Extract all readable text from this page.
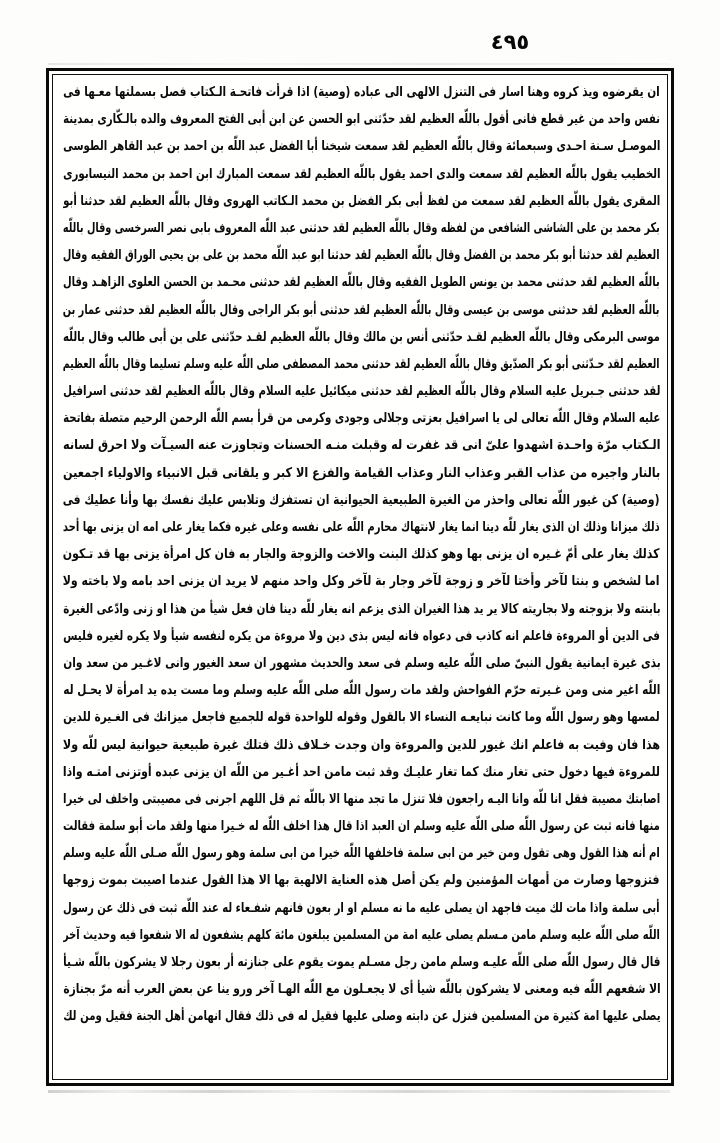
٤٩٥
ان يقرضوه ويذ كروه وهنا اسار فى التنزل الالهى الى عباده (وصية) اذا قرأت فاتحـة الـكتاب فصل بسملتها معـها فى
نفس واحد من غير قطع فانى أقول باللّه العظيم لقد حدّثنى ابو الحسن عن ابن أبى الفتح المعروف والده بالـكّارى بمدينة
الموصـل سـنة احـدى وسبعمائة وقال باللّه العظيم لقد سمعت شيخنا أبا الفضل عبد اللّه بن احمد بن عبد القاهر الطوسى
الخطيب يقول باللّه العظيم لقد سمعت والدى احمد يقول باللّه العظيم لقد سمعت المبارك ابن احمد بن محمد النيسابورى
المقرى يقول باللّه العظيم لقد سمعت من لفظ أبى بكر الفضل بن محمد الـكاتب الهروى وقال باللّه العظيم لقد حدثنا أبو
بكر محمد بن على الشاشى الشافعى من لفظه وقال باللّه العظيم لقد حدثنى عبد اللّه المعروف بابى نصر السرخسى وقال باللّه
العظيم لقد حدثنا أبو بكر محمد بن الفضل وقال باللّه العظيم لقد حدثنا ابو عبد اللّه محمد بن على بن يحيى الوراق الفقيه وقال
باللّه العظيم لقد حدثنى محمد بن يونس الطويل الفقيه وقال باللّه العظيم لقد حدثنى محـمد بن الحسن العلوى الزاهـد وقال
باللّه العظيم لقد حدثنى موسى بن عيسى وقال باللّه العظيم لقد حدثنى أبو بكر الراجى وقال باللّه العظيم لقد حدثنى عمار بن
موسى البرمكى وقال باللّه العظيم لقـد حدّثنى أنس بن مالك وقال باللّه العظيم لقـد حدّثنى على بن أبى طالب وقال باللّه
العظيم لقد حـدّثنى أبو بكر الصدّيق وقال باللّه العظيم لقد حدثنى محمد المصطفى صلى اللّه عليه وسلم تسليما وقال باللّه العظيم
لقد حدثنى جـبريل عليه السلام وقال باللّه العظيم لقد حدثنى ميكائيل عليه السلام وقال باللّه العظيم لقد حدثنى اسرافيل
عليه السلام وقال اللّه تعالى لى يا اسرافيل بعزتى وجلالى وجودى وكرمى من قرأ بسم اللّه الرحمن الرحيم متصلة بفاتحة
الـكتاب مرّة واحـدة اشهدوا علىّ انى قد غفرت له وقبلت منـه الحسنات وتجاوزت عنه السيـآت ولا احرق لسانه
بالنار واجيره من عذاب القبر وعذاب النار وعذاب القيامة والفزع الا كبر و يلقانى قبل الانبياء والاولياء اجمعين
(وصية) كن غيور اللّه تعالى واحذر من الغيرة الطبيعية الحيوانية ان تستفزك وتلابس عليك نفسك بها وأنا عطيك فى
ذلك ميزانا وذلك ان الذى يغار للّه دينا انما يغار لانتهاك محارم اللّه على نفسه وعلى غيره فكما يغار على امه ان يزنى بها أحد
كذلك يغار على أمّ غـيره ان يزنى بها وهو كذلك البنت والاخت والزوجة والجار به فان كل امرأة يزنى بها قد تـكون
اما لشخص و بنتا لآخر وأختا لآخر و زوجة لآخر وجار بة لآخر وكل واحد منهم لا يريد ان يزنى احد بامه ولا باخته ولا
بابنته ولا بزوجته ولا بجاريته كالا ير يد هذا الغيران الذى يزعم انه يغار للّه دينا فان فعل شيأ من هذا او زنى وادّعى الغيرة
فى الدين أو المروءة فاعلم انه كاذب فى دعواه فانه ليس بذى دين ولا مروءة من يكره لنفسه شيأ ولا يكره لغيره فليس
بذى غيرة ايمانية يقول النبىّ صلى اللّه عليه وسلم فى سعد والحديث مشهور ان سعد الغيور وانى لاغـير من سعد وان
اللّه اغير منى ومن غـيرته حرّم الفواحش ولقد مات رسول اللّه صلى اللّه عليه وسلم وما مست يده يد امرأة لا يحـل له
لمسها وهو رسول اللّه وما كانت نبايعـه النساء الا بالقول وقوله للواحدة قوله للجميع فاجعل ميزانك فى الغـيرة للدين
هذا فان وفيت به فاعلم انك غيور للدين والمروءة وان وجدت خـلاف ذلك فتلك غيرة طبيعية حيوانية ليس للّه ولا
للمروءة فيها دخول حتى تغار منك كما تغار عليـك وقد ثبت مامن احد أغـير من اللّه ان يزنى عبده أوتزنى امتـه واذا
اصابتك مصيبة فقل انا للّه وانا اليـه راجعون فلا تنزل ما تجد منها الا باللّه ثم قل اللهم اجرنى فى مصيبتى واخلف لى خيرا
منها فانه ثبت عن رسول اللّه صلى اللّه عليه وسلم ان العبد اذا قال هذا اخلف اللّه له خـيرا منها ولقد مات أبو سلمة فقالت
ام أنه هذا القول وهى تقول ومن خير من ابى سلمة فاخلفها اللّه خيرا من ابى سلمة وهو رسول اللّه صـلى اللّه عليه وسلم
فتزوجها وصارت من أمهات المؤمنين ولم يكن أصل هذه العناية الالهية بها الا هذا القول عندما اصيبت بموت زوجها
أبى سلمة واذا مات لك ميت فاجهد ان يصلى عليه ما نه مسلم او ار بعون فانهم شفـعاء له عند اللّه ثبت فى ذلك عن رسول
اللّه صلى اللّه عليه وسلم مامن مـسلم يصلى عليه امة من المسلمين يبلغون مائة كلهم يشفعون له الا شفعوا فيه وحديث آخر
قال قال رسول اللّه صلى اللّه عليـه وسلم مامن رجل مسـلم يموت يقوم على جنازته أر بعون رجلا لا يشركون باللّه شـيأ
الا شفعهم اللّه فيه ومعنى لا يشركون باللّه شيأ أى لا يجعـلون مع اللّه الهـا آخر ورو ينا عن بعض العرب أنه مرّ بجنازة
يصلى عليها امة كثيرة من المسلمين فنزل عن دابته وصلى عليها فقيل له فى ذلك فقال انهامن أهل الجنة فقيل ومن لك
